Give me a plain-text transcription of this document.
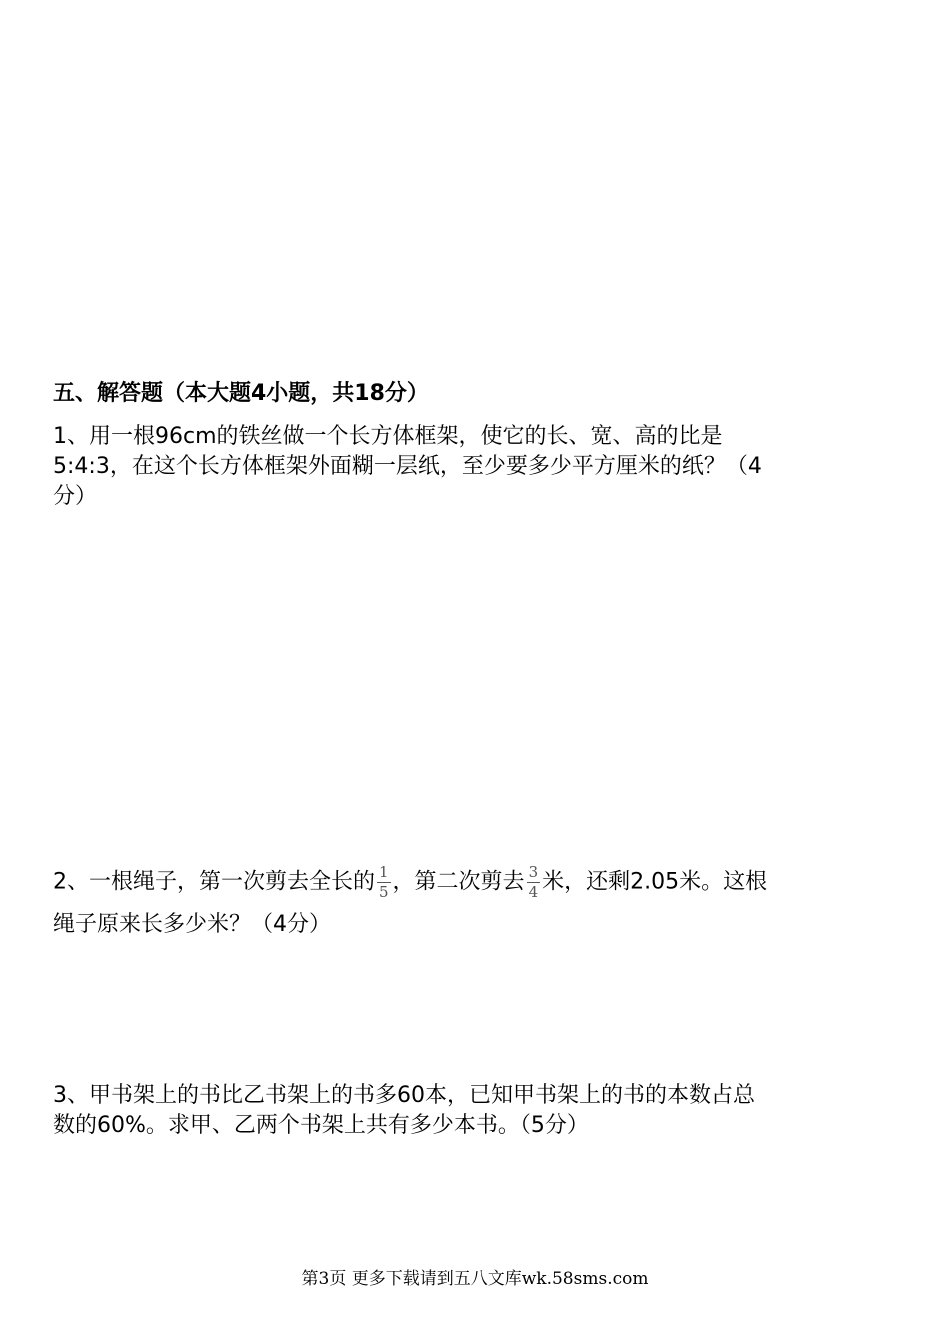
五、解答题（本大题4小题，共18分）
1、用一根96cm的铁丝做一个长方体框架，使它的长、宽、高的比是
5:4:3，在这个长方体框架外面糊一层纸，至少要多少平方厘米的纸？（4
分）
2、一根绳子，第一次剪去全长的 $\frac{1}{5}$ ，第二次剪去 $\frac{3}{4}$ 米，还剩2.05米。这根
绳子原来长多少米？（4分）
3、甲书架上的书比乙书架上的书多60本，已知甲书架上的书的本数占总
数的60%。求甲、乙两个书架上共有多少本书。（5分）
第3页 更多下载请到五八文库wk.58sms.com
